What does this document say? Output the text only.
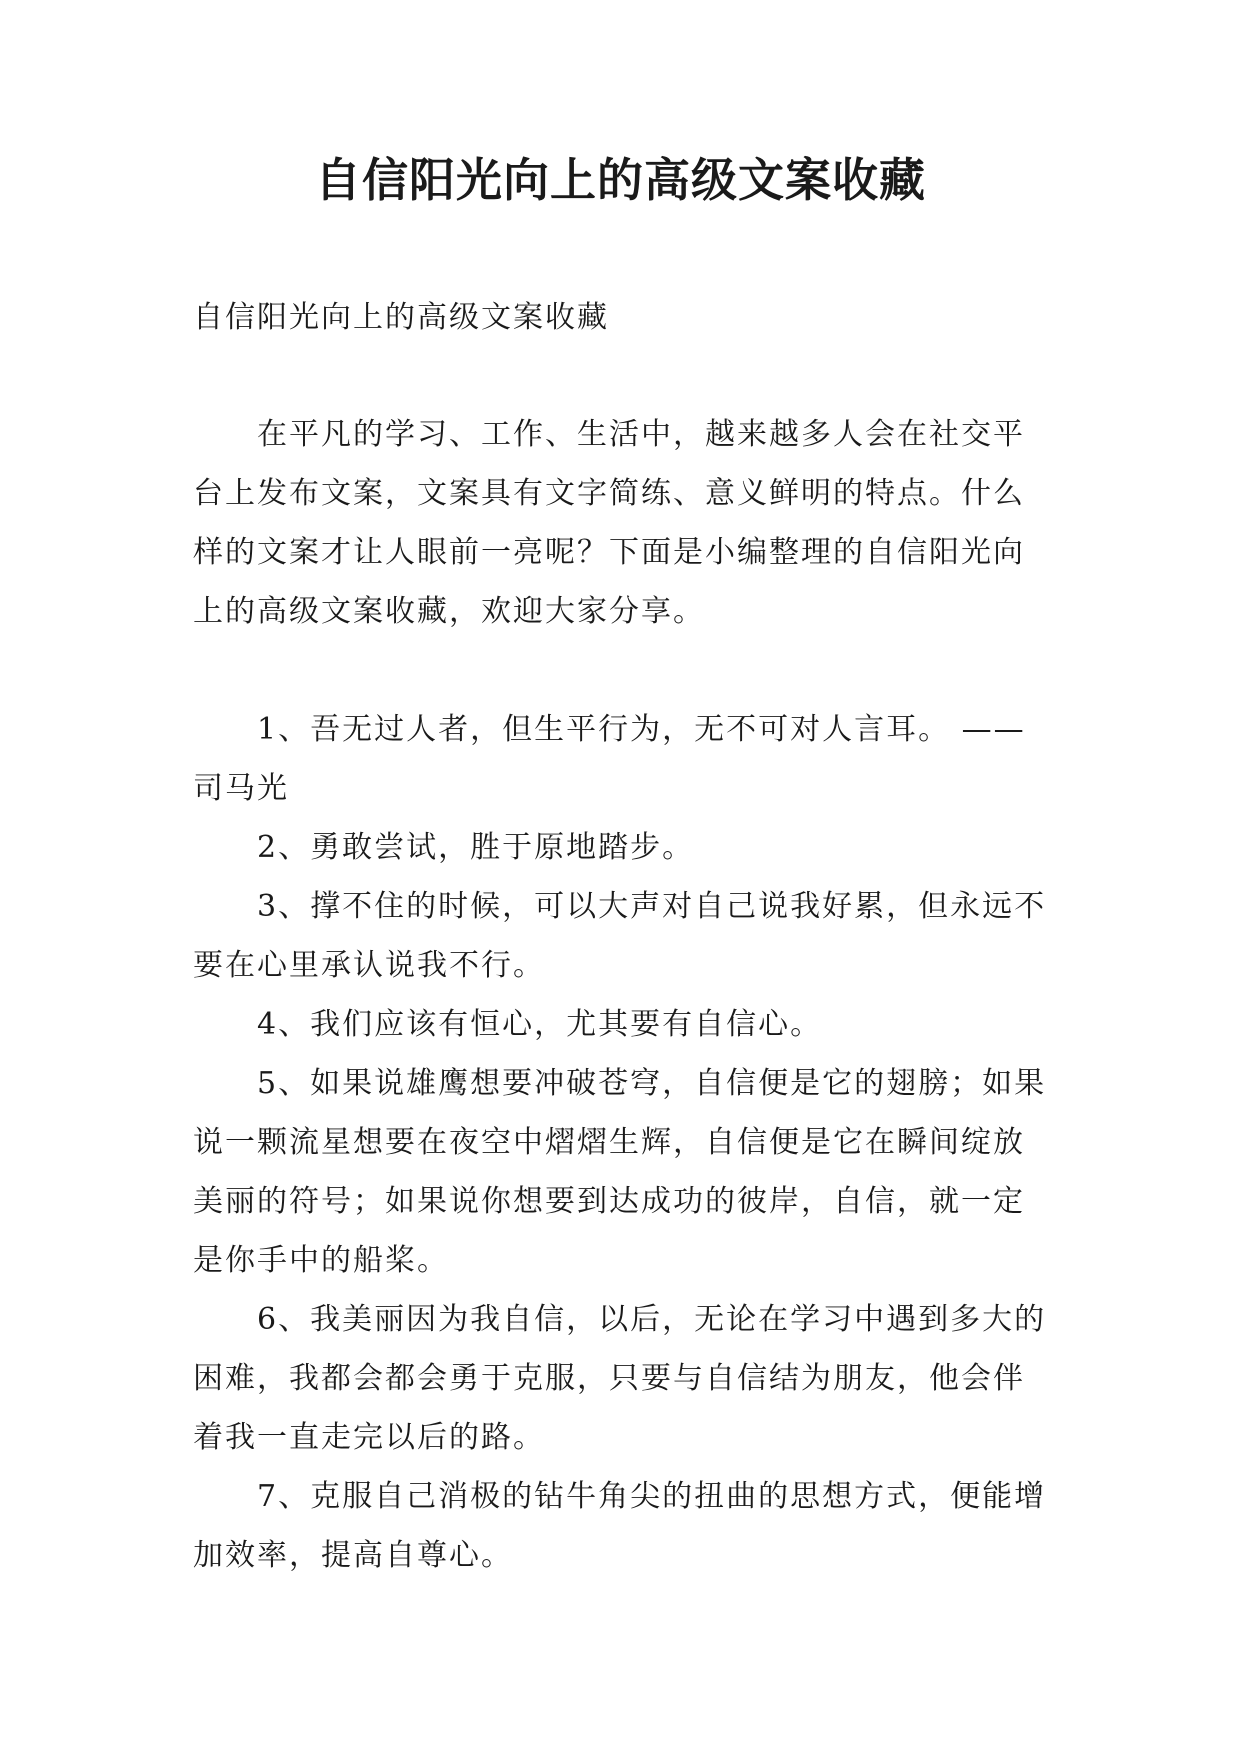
自信阳光向上的高级文案收藏
自信阳光向上的高级文案收藏

在平凡的学习、工作、生活中，越来越多人会在社交平台上发布文案，文案具有文字简练、意义鲜明的特点。什么样的文案才让人眼前一亮呢？下面是小编整理的自信阳光向上的高级文案收藏，欢迎大家分享。

1、吾无过人者，但生平行为，无不可对人言耳。 ——司马光

2、勇敢尝试，胜于原地踏步。

3、撑不住的时候，可以大声对自己说我好累，但永远不要在心里承认说我不行。

4、我们应该有恒心，尤其要有自信心。

5、如果说雄鹰想要冲破苍穹，自信便是它的翅膀；如果说一颗流星想要在夜空中熠熠生辉，自信便是它在瞬间绽放美丽的符号；如果说你想要到达成功的彼岸，自信，就一定是你手中的船桨。

6、我美丽因为我自信，以后，无论在学习中遇到多大的困难，我都会都会勇于克服，只要与自信结为朋友，他会伴着我一直走完以后的路。

7、克服自己消极的钻牛角尖的扭曲的思想方式，便能增加效率，提高自尊心。
